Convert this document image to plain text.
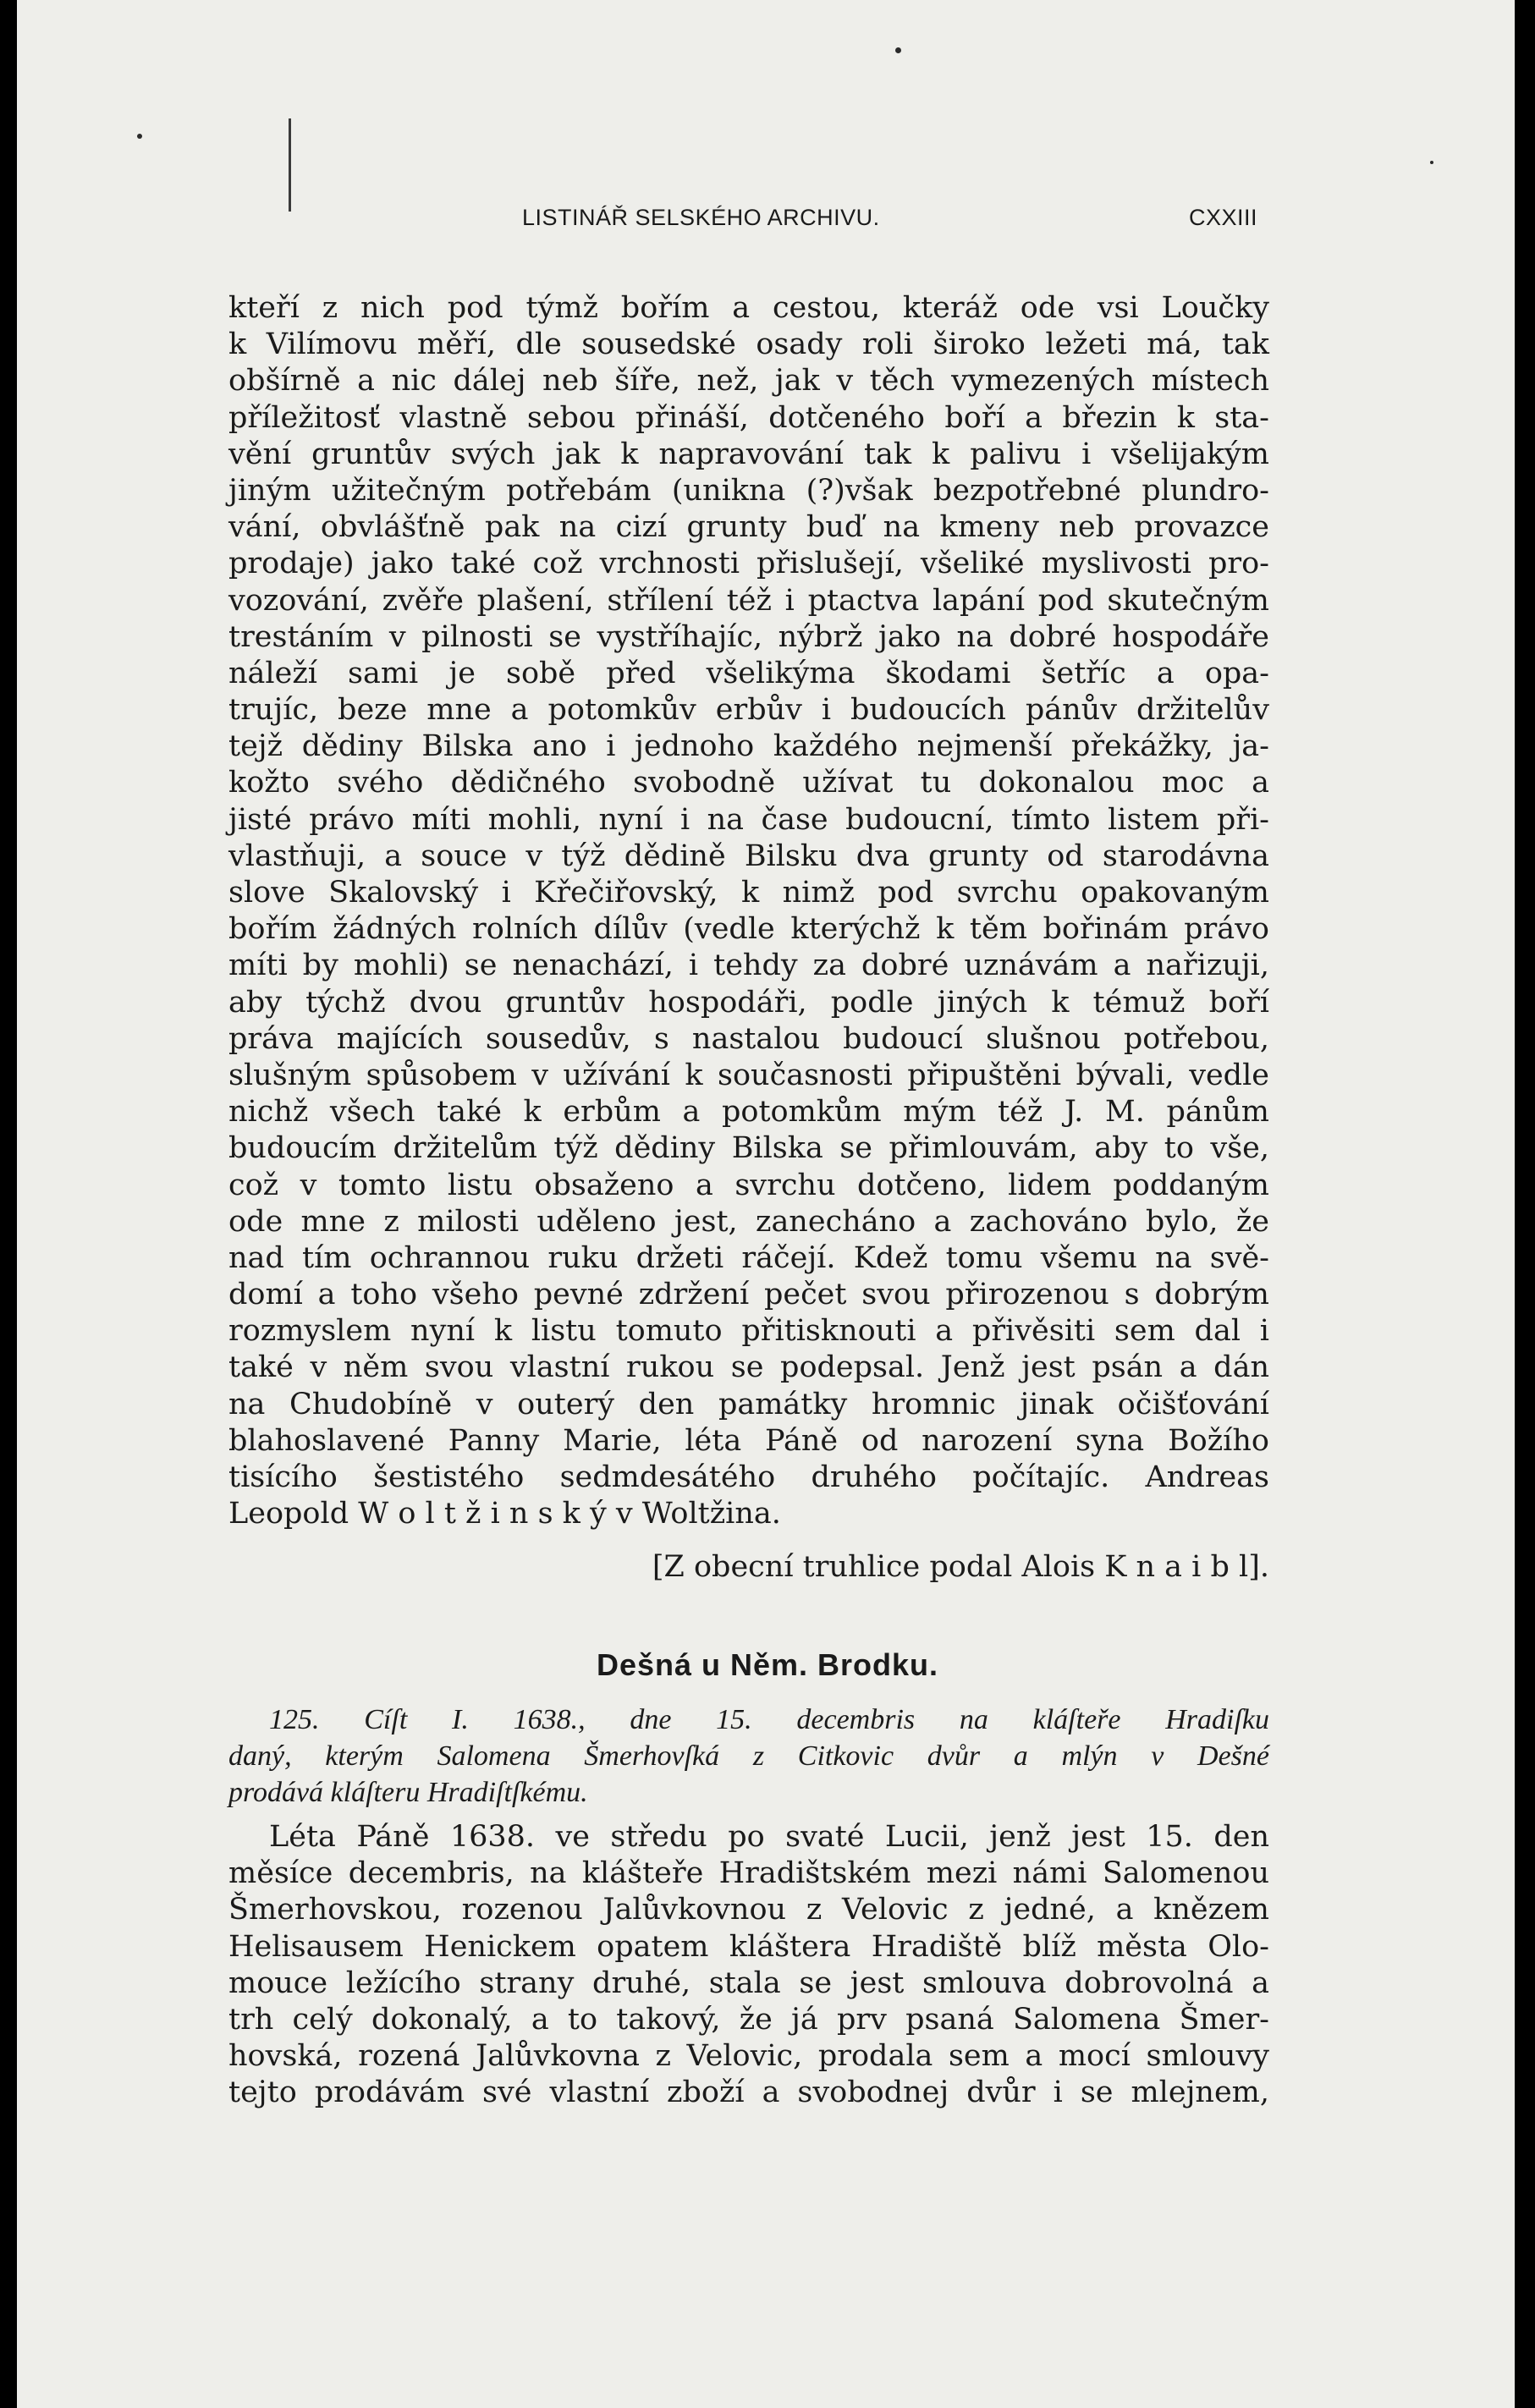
LISTINÁŘ SELSKÉHO ARCHIVU.	CXXIII
kteří z nich pod týmž bořím a cestou, kteráž ode vsi Loučky
k Vilímovu měří, dle sousedské osady roli široko ležeti má, tak
obšírně a nic dálej neb šíře, než, jak v těch vymezených místech
příležitosť vlastně sebou přináší, dotčeného boří a březin k sta-
vění gruntův svých jak k napravování tak k palivu i všelijakým
jiným užitečným potřebám (unikna (?)však bezpotřebné plundro-
vání, obvlášťně pak na cizí grunty buď na kmeny neb provazce
prodaje) jako také což vrchnosti přislušejí, všeliké myslivosti pro-
vozování, zvěře plašení, střílení též i ptactva lapání pod skutečným
trestáním v pilnosti se vystříhajíc, nýbrž jako na dobré hospodáře
náleží sami je sobě před všelikýma škodami šetříc a opa-
trujíc, beze mne a potomkův erbův i budoucích pánův držitelův
tejž dědiny Bilska ano i jednoho každého nejmenší překážky, ja-
kožto svého dědičného svobodně užívat tu dokonalou moc a
jisté právo míti mohli, nyní i na čase budoucní, tímto listem při-
vlastňuji, a souce v týž dědině Bilsku dva grunty od starodávna
slove Skalovský i Křečiřovský, k nimž pod svrchu opakovaným
bořím žádných rolních dílův (vedle kterýchž k těm bořinám právo
míti by mohli) se nenachází, i tehdy za dobré uznávám a nařizuji,
aby týchž dvou gruntův hospodáři, podle jiných k témuž boří
práva majících sousedův, s nastalou budoucí slušnou potřebou,
slušným spůsobem v užívání k současnosti připuštěni bývali, vedle
nichž všech také k erbům a potomkům mým též J. M. pánům
budoucím držitelům týž dědiny Bilska se přimlouvám, aby to vše,
což v tomto listu obsaženo a svrchu dotčeno, lidem poddaným
ode mne z milosti uděleno jest, zanecháno a zachováno bylo, že
nad tím ochrannou ruku držeti ráčejí. Kdež tomu všemu na svě-
domí a toho všeho pevné zdržení pečet svou přirozenou s dobrým
rozmyslem nyní k listu tomuto přitisknouti a přivěsiti sem dal i
také v něm svou vlastní rukou se podepsal. Jenž jest psán a dán
na Chudobíně v outerý den památky hromnic jinak očišťování
blahoslavené Panny Marie, léta Páně od narození syna Božího
tisícího šestistého sedmdesátého druhého počítajíc. Andreas
Leopold W o l t ž i n s k ý v Woltžina.
[Z obecní truhlice podal Alois K n a i b l].
Dešná u Něm. Brodku.
125. Cíſt I. 1638., dne 15. decembris na kláſteře Hradiſku
daný, kterým Salomena Šmerhovſká z Citkovic dvůr a mlýn v Dešné
prodává kláſteru Hradiſtſkému.
Léta Páně 1638. ve středu po svaté Lucii, jenž jest 15. den
měsíce decembris, na klášteře Hradištském mezi námi Salomenou
Šmerhovskou, rozenou Jalůvkovnou z Velovic z jedné, a knězem
Helisausem Henickem opatem kláštera Hradiště blíž města Olo-
mouce ležícího strany druhé, stala se jest smlouva dobrovolná a
trh celý dokonalý, a to takový, že já prv psaná Salomena Šmer-
hovská, rozená Jalůvkovna z Velovic, prodala sem a mocí smlouvy
tejto prodávám své vlastní zboží a svobodnej dvůr i se mlejnem,
